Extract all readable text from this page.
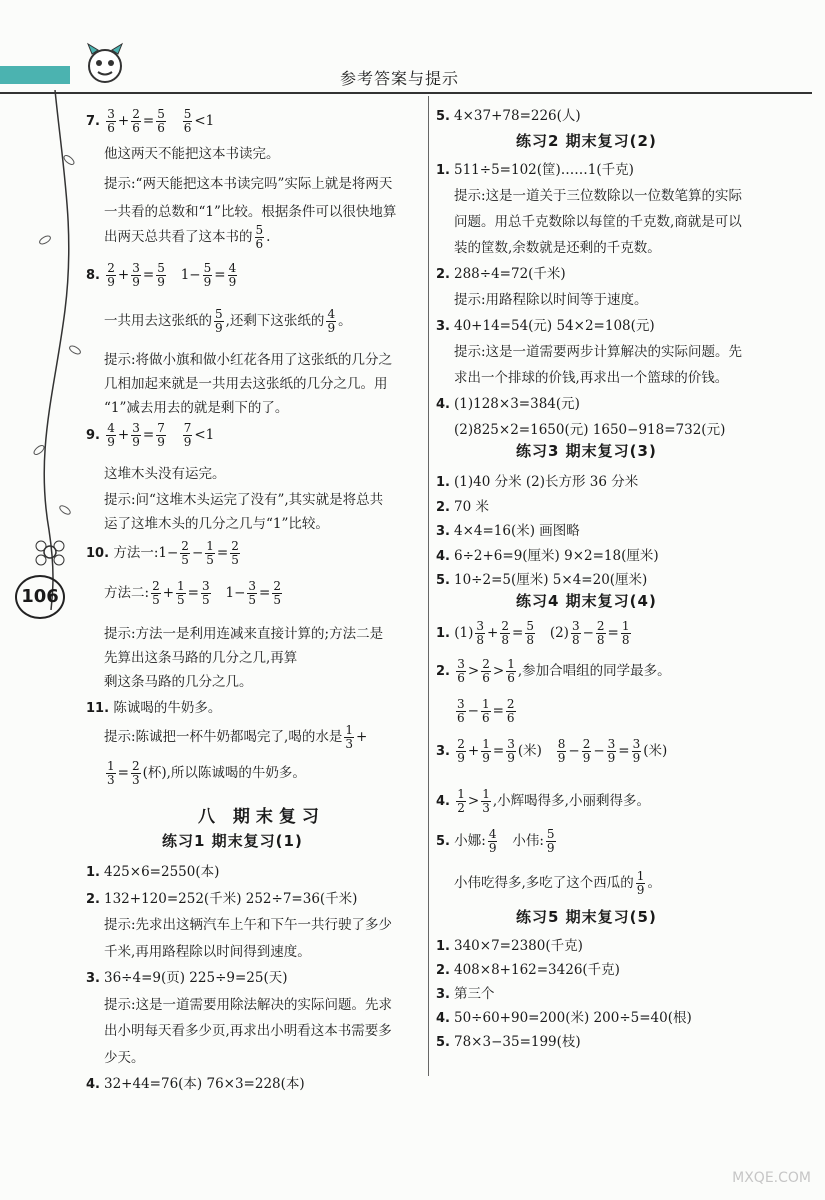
参考答案与提示
106
7. $\frac{3}{6} + \frac{2}{6} = \frac{5}{6}$
$\frac{5}{6} <1$
他这两天不能把这本书读完。
提示:“两天能把这本书读完吗”实际上就是将两天
一共看的总数和“1”比较。根据条件可以很快地算
出两天总共看了这本书的 $\frac{5}{6}$ .
8. $\frac{2}{9} + \frac{3}{9} = \frac{5}{9} 1- \frac{5}{9} = \frac{4}{9}$
一共用去这张纸的 $\frac{5}{9}$ ,还剩下这张纸的 $\frac{4}{9}$ 。
提示:将做小旗和做小红花各用了这张纸的几分之
几相加起来就是一共用去这张纸的几分之几。用
“1”减去用去的就是剩下的了。
9. $\frac{4}{9} + \frac{3}{9} = \frac{7}{9}$
$\frac{7}{9} <1$
这堆木头没有运完。
提示:问“这堆木头运完了没有”,其实就是将总共
运了这堆木头的几分之几与“1”比较。
10. 方法一:1− $\frac{2}{5} - \frac{1}{5} = \frac{2}{5}$
方法二: $\frac{2}{5} + \frac{1}{5} = \frac{3}{5} 1- \frac{3}{5} = \frac{2}{5}$
提示:方法一是利用连减来直接计算的;方法二是
先算出这条马路的几分之几,再算
剩这条马路的几分之几。
11. 陈诚喝的牛奶多。
提示:陈诚把一杯牛奶都喝完了,喝的水是 $\frac{1}{3}$ +
$\frac{1}{3} = \frac{2}{3}$ (杯),所以陈诚喝的牛奶多。
八 期末复习
练习1 期末复习(1)
1. 425×6=2550(本)
2. 132+120=252(千米) 252÷7=36(千米)
提示:先求出这辆汽车上午和下午一共行驶了多少
千米,再用路程除以时间得到速度。
3. 36÷4=9(页) 225÷9=25(天)
提示:这是一道需要用除法解决的实际问题。先求
出小明每天看多少页,再求出小明看这本书需要多
少天。
4. 32+44=76(本) 76×3=228(本)
5. 4×37+78=226(人)
练习2 期末复习(2)
1. 511÷5=102(筐)……1(千克)
提示:这是一道关于三位数除以一位数笔算的实际
问题。用总千克数除以每筐的千克数,商就是可以
装的筐数,余数就是还剩的千克数。
2. 288÷4=72(千米)
提示:用路程除以时间等于速度。
3. 40+14=54(元) 54×2=108(元)
提示:这是一道需要两步计算解决的实际问题。先
求出一个排球的价钱,再求出一个篮球的价钱。
4. (1)128×3=384(元)
(2)825×2=1650(元) 1650−918=732(元)
练习3 期末复习(3)
1. (1)40 分米 (2)长方形 36 分米
2. 70 米
3. 4×4=16(米) 画图略
4. 6÷2+6=9(厘米) 9×2=18(厘米)
5. 10÷2=5(厘米) 5×4=20(厘米)
练习4 期末复习(4)
1. $(1) \frac{3}{8} + \frac{2}{8} = \frac{5}{8} (2) \frac{3}{8} - \frac{2}{8} = \frac{1}{8}$
2. $\frac{3}{6} > \frac{2}{6} > \frac{1}{6}$ ,参加合唱组的同学最多。
$\frac{3}{6} - \frac{1}{6} = \frac{2}{6}$
3. $\frac{2}{9} + \frac{1}{9} = \frac{3}{9}$ (米) $\frac{8}{9} - \frac{2}{9} - \frac{3}{9} = \frac{3}{9}$ (米)
4. $\frac{1}{2} > \frac{1}{3}$ ,小辉喝得多,小丽剩得多。
5. 小娜: $\frac{4}{9}$ 小伟: $\frac{5}{9}$
小伟吃得多,多吃了这个西瓜的 $\frac{1}{9}$ 。
练习5 期末复习(5)
1. 340×7=2380(千克)
2. 408×8+162=3426(千克)
3. 第三个
4. 50÷60+90=200(米) 200÷5=40(根)
5. 78×3−35=199(枝)
MXQE.COM
